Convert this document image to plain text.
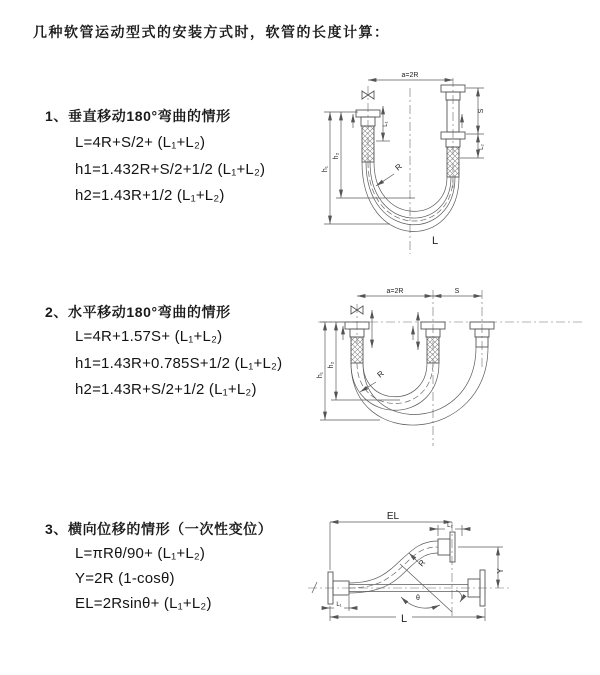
几种软管运动型式的安装方式时，软管的长度计算：
1、垂直移动180°弯曲的情形
L=4R+S/2+ (L₁+L₂)
h1=1.432R+S/2+1/2 (L₁+L₂)
h2=1.43R+1/2 (L₁+L₂)
2、水平移动180°弯曲的情形
L=4R+1.57S+ (L₁+L₂)
h1=1.43R+0.785S+1/2 (L₁+L₂)
h2=1.43R+S/2+1/2 (L₁+L₂)
3、横向位移的情形（一次性变位）
L=πRθ/90+ (L₁+L₂)
Y=2R (1-cosθ)
EL=2Rsinθ+ (L₁+L₂)
a=2R
S
L₂
L₁
h₁
h₂
R
L
a=2R	S
h₁
h₂
R
EL
L₂
Y
R
θ
L
L₁
